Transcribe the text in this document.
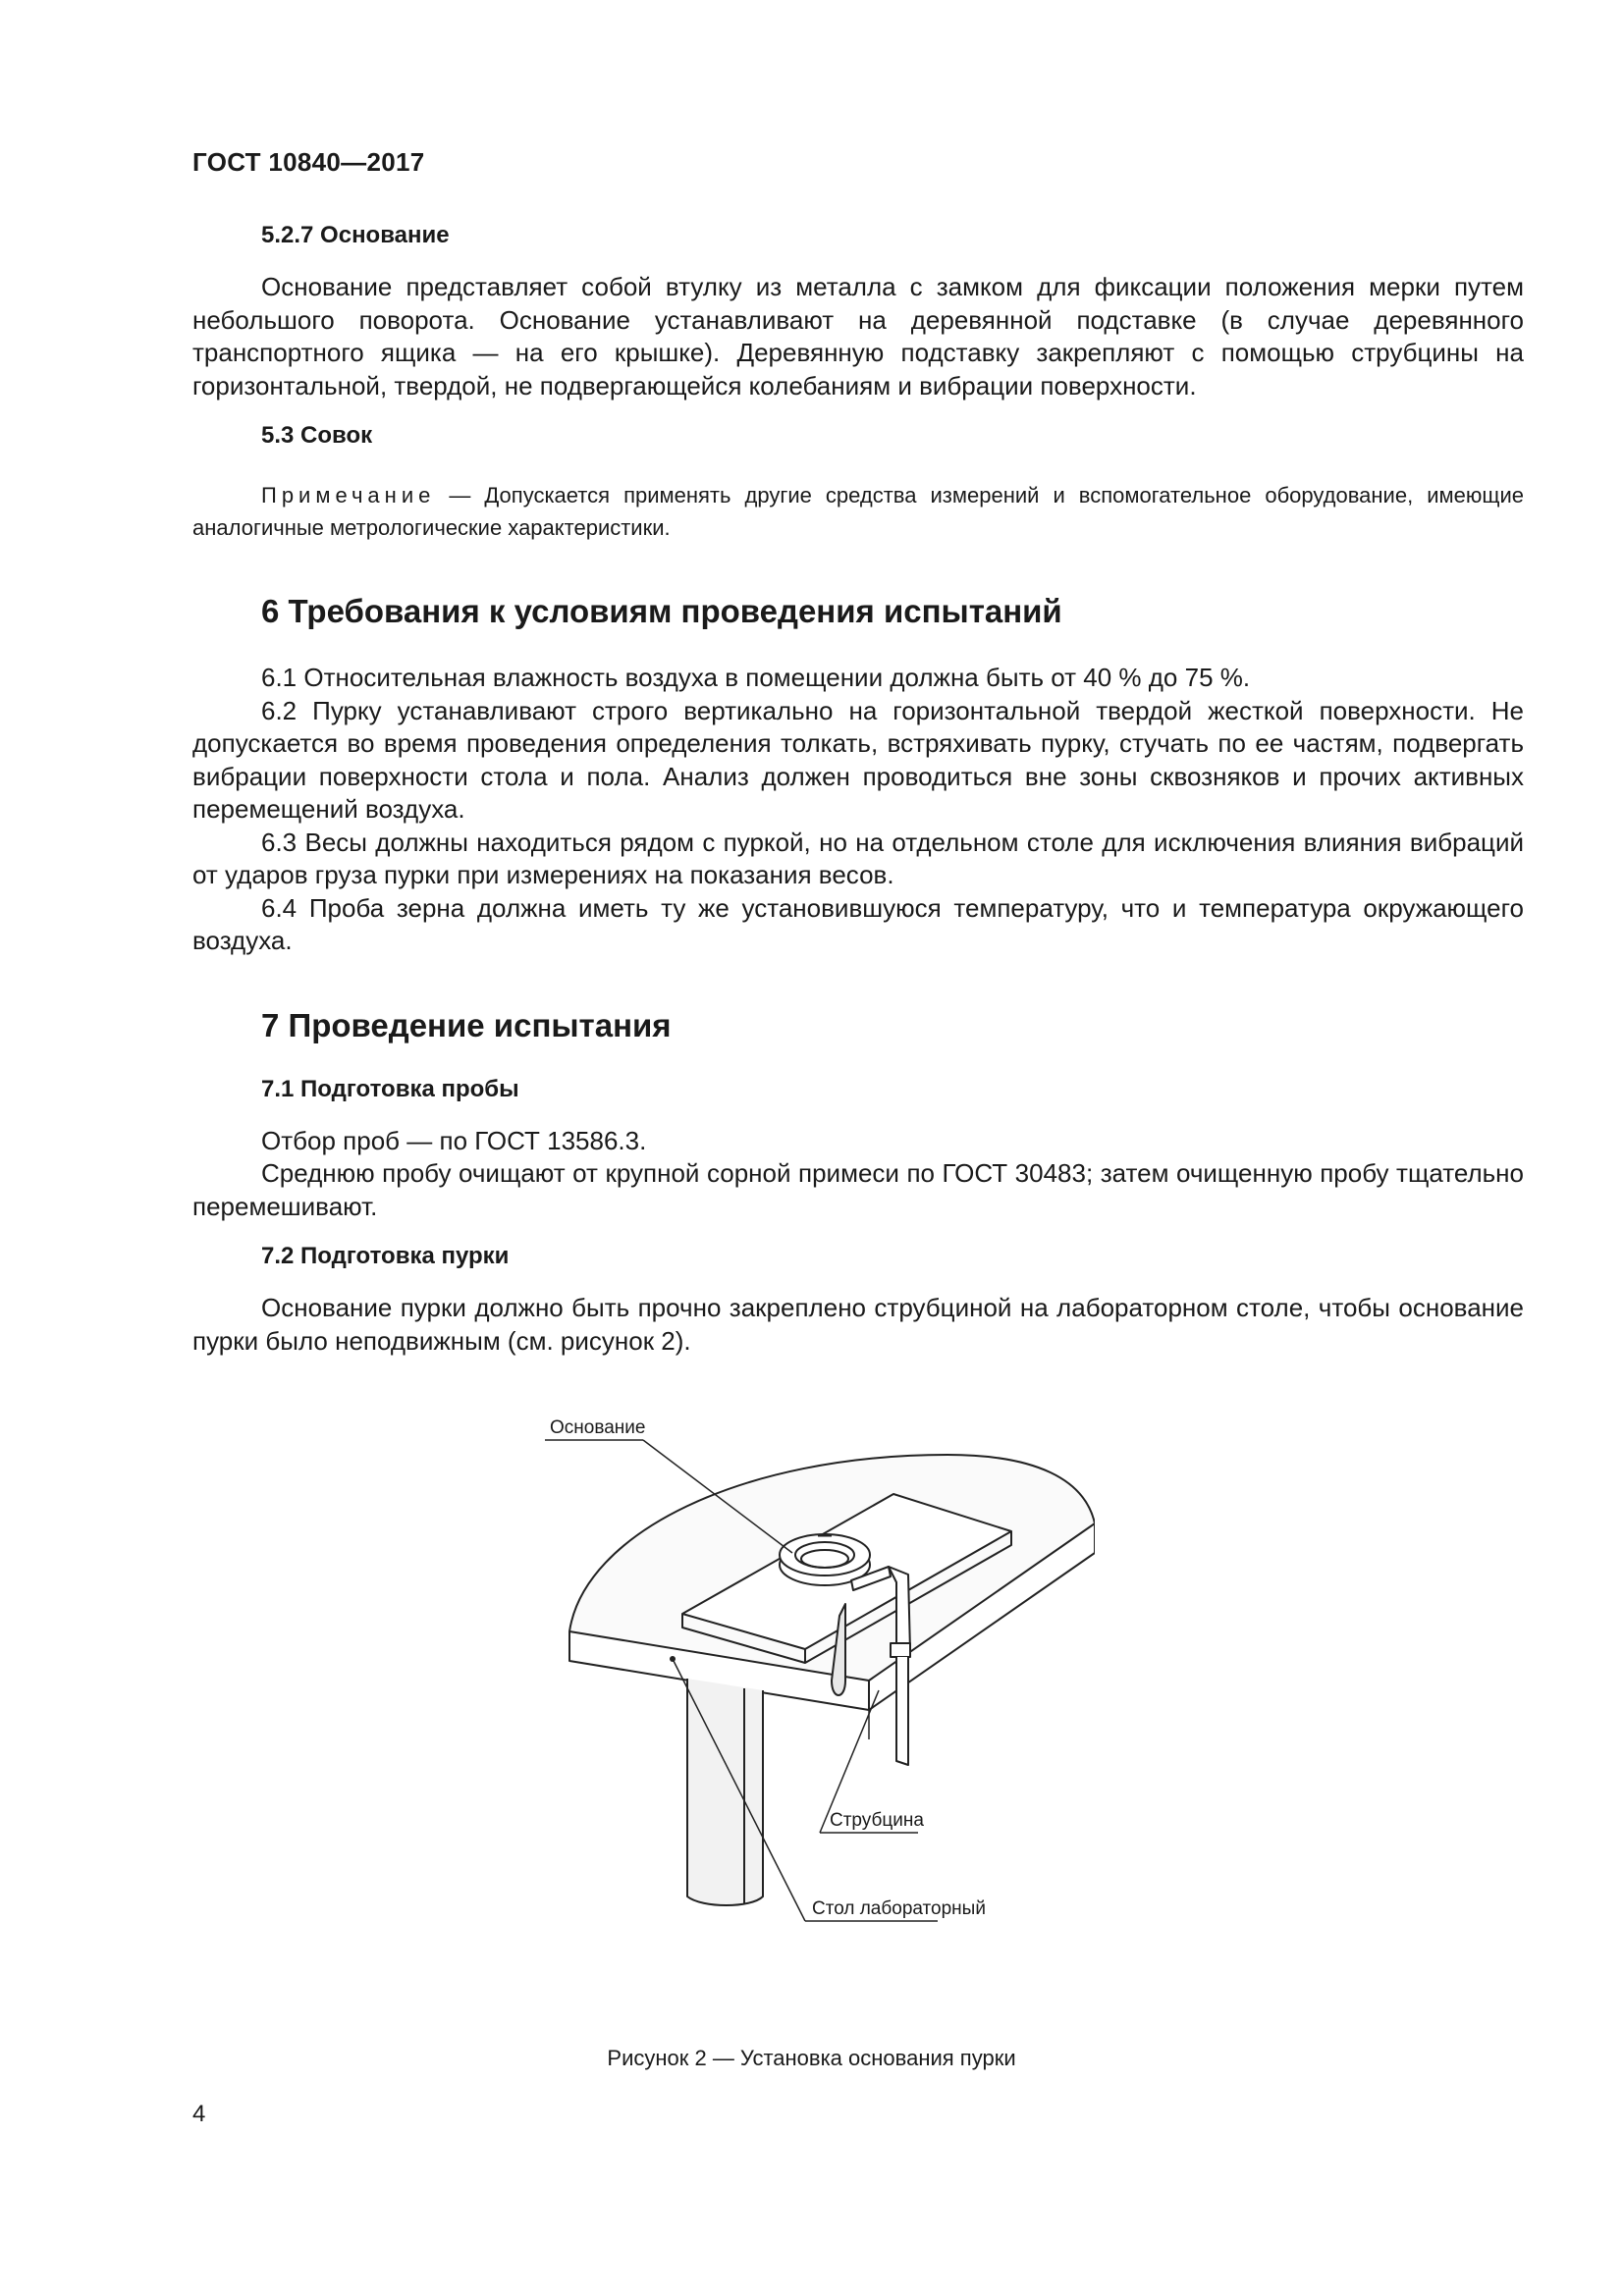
ГОСТ 10840—2017
5.2.7 Основание

Основание представляет собой втулку из металла с замком для фиксации положения мерки путем небольшого поворота. Основание устанавливают на деревянной подставке (в случае деревянного транспортного ящика — на его крышке). Деревянную подставку закрепляют с помощью струбцины на горизонтальной, твердой, не подвергающейся колебаниям и вибрации поверхности.

5.3 Совок
Примечание — Допускается применять другие средства измерений и вспомогательное оборудование, имеющие аналогичные метрологические характеристики.
6 Требования к условиям проведения испытаний

6.1 Относительная влажность воздуха в помещении должна быть от 40 % до 75 %.

6.2 Пурку устанавливают строго вертикально на горизонтальной твердой жесткой поверхности. Не допускается во время проведения определения толкать, встряхивать пурку, стучать по ее частям, подвергать вибрации поверхности стола и пола. Анализ должен проводиться вне зоны сквозняков и прочих активных перемещений воздуха.

6.3 Весы должны находиться рядом с пуркой, но на отдельном столе для исключения влияния вибраций от ударов груза пурки при измерениях на показания весов.

6.4 Проба зерна должна иметь ту же установившуюся температуру, что и температура окружающего воздуха.

7 Проведение испытания
7.1 Подготовка пробы

Отбор проб — по ГОСТ 13586.3.

Среднюю пробу очищают от крупной сорной примеси по ГОСТ 30483; затем очищенную пробу тщательно перемешивают.

7.2 Подготовка пурки

Основание пурки должно быть прочно закреплено струбциной на лабораторном столе, чтобы основание пурки было неподвижным (см. рисунок 2).

Основание
Струбцина
Стол лабораторный
Рисунок 2 — Установка основания пурки
4
